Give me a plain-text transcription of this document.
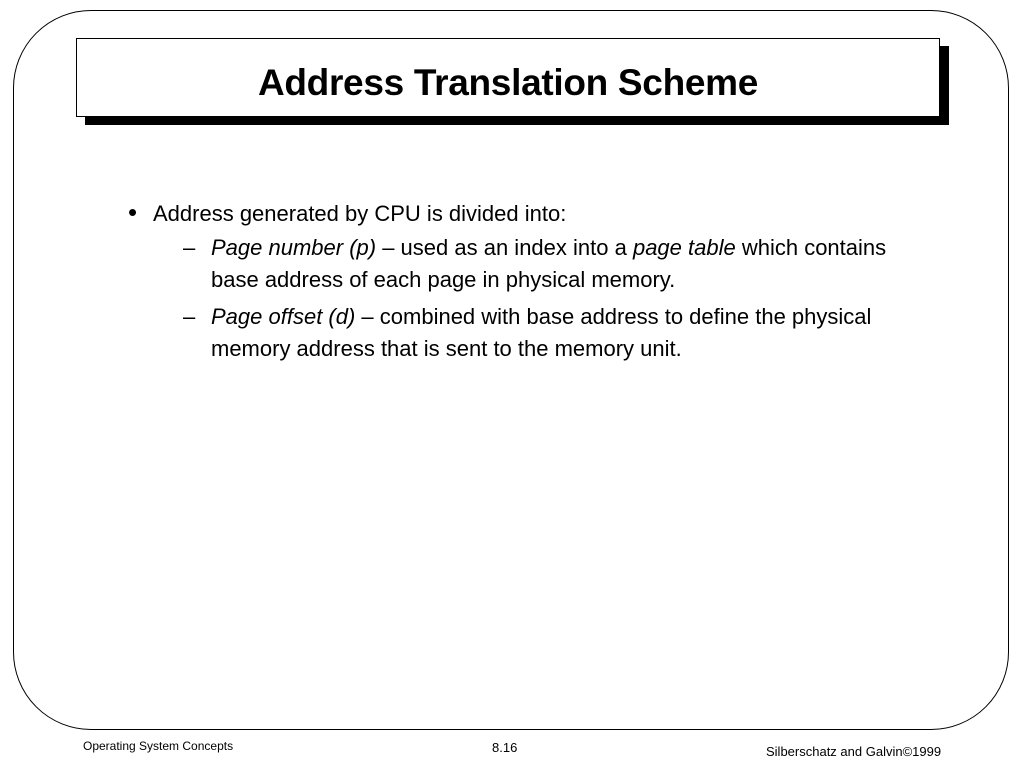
Address Translation Scheme
• Address generated by CPU is divided into:
– Page number (p) – used as an index into a page table which contains base address of each page in physical memory.
– Page offset (d) – combined with base address to define the physical memory address that is sent to the memory unit.
Operating System Concepts	8.16	Silberschatz and Galvin©1999
